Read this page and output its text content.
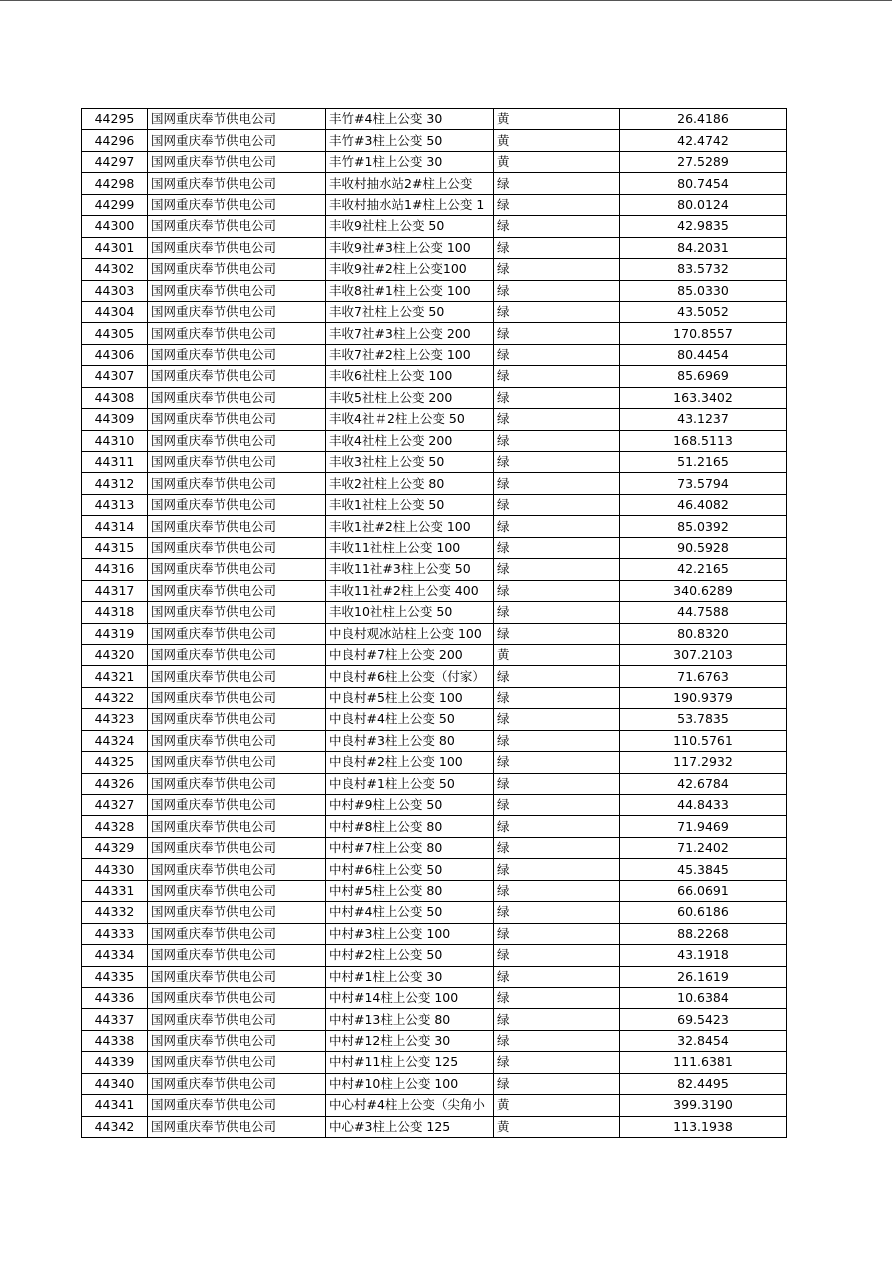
44295	国网重庆奉节供电公司	丰竹#4柱上公变 30	黄	26.4186
44296	国网重庆奉节供电公司	丰竹#3柱上公变 50	黄	42.4742
44297	国网重庆奉节供电公司	丰竹#1柱上公变 30	黄	27.5289
44298	国网重庆奉节供电公司	丰收村抽水站2#柱上公变	绿	80.7454
44299	国网重庆奉节供电公司	丰收村抽水站1#柱上公变 1	绿	80.0124
44300	国网重庆奉节供电公司	丰收9社柱上公变 50	绿	42.9835
44301	国网重庆奉节供电公司	丰收9社#3柱上公变 100	绿	84.2031
44302	国网重庆奉节供电公司	丰收9社#2柱上公变100	绿	83.5732
44303	国网重庆奉节供电公司	丰收8社#1柱上公变 100	绿	85.0330
44304	国网重庆奉节供电公司	丰收7社柱上公变 50	绿	43.5052
44305	国网重庆奉节供电公司	丰收7社#3柱上公变 200	绿	170.8557
44306	国网重庆奉节供电公司	丰收7社#2柱上公变 100	绿	80.4454
44307	国网重庆奉节供电公司	丰收6社柱上公变 100	绿	85.6969
44308	国网重庆奉节供电公司	丰收5社柱上公变 200	绿	163.3402
44309	国网重庆奉节供电公司	丰收4社＃2柱上公变 50	绿	43.1237
44310	国网重庆奉节供电公司	丰收4社柱上公变 200	绿	168.5113
44311	国网重庆奉节供电公司	丰收3社柱上公变 50	绿	51.2165
44312	国网重庆奉节供电公司	丰收2社柱上公变 80	绿	73.5794
44313	国网重庆奉节供电公司	丰收1社柱上公变 50	绿	46.4082
44314	国网重庆奉节供电公司	丰收1社#2柱上公变 100	绿	85.0392
44315	国网重庆奉节供电公司	丰收11社柱上公变 100	绿	90.5928
44316	国网重庆奉节供电公司	丰收11社#3柱上公变 50	绿	42.2165
44317	国网重庆奉节供电公司	丰收11社#2柱上公变 400	绿	340.6289
44318	国网重庆奉节供电公司	丰收10社柱上公变 50	绿	44.7588
44319	国网重庆奉节供电公司	中良村观冰站柱上公变 100	绿	80.8320
44320	国网重庆奉节供电公司	中良村#7柱上公变 200	黄	307.2103
44321	国网重庆奉节供电公司	中良村#6柱上公变（付家）	绿	71.6763
44322	国网重庆奉节供电公司	中良村#5柱上公变 100	绿	190.9379
44323	国网重庆奉节供电公司	中良村#4柱上公变 50	绿	53.7835
44324	国网重庆奉节供电公司	中良村#3柱上公变 80	绿	110.5761
44325	国网重庆奉节供电公司	中良村#2柱上公变 100	绿	117.2932
44326	国网重庆奉节供电公司	中良村#1柱上公变 50	绿	42.6784
44327	国网重庆奉节供电公司	中村#9柱上公变 50	绿	44.8433
44328	国网重庆奉节供电公司	中村#8柱上公变 80	绿	71.9469
44329	国网重庆奉节供电公司	中村#7柱上公变 80	绿	71.2402
44330	国网重庆奉节供电公司	中村#6柱上公变 50	绿	45.3845
44331	国网重庆奉节供电公司	中村#5柱上公变 80	绿	66.0691
44332	国网重庆奉节供电公司	中村#4柱上公变 50	绿	60.6186
44333	国网重庆奉节供电公司	中村#3柱上公变 100	绿	88.2268
44334	国网重庆奉节供电公司	中村#2柱上公变 50	绿	43.1918
44335	国网重庆奉节供电公司	中村#1柱上公变 30	绿	26.1619
44336	国网重庆奉节供电公司	中村#14柱上公变 100	绿	10.6384
44337	国网重庆奉节供电公司	中村#13柱上公变 80	绿	69.5423
44338	国网重庆奉节供电公司	中村#12柱上公变 30	绿	32.8454
44339	国网重庆奉节供电公司	中村#11柱上公变 125	绿	111.6381
44340	国网重庆奉节供电公司	中村#10柱上公变 100	绿	82.4495
44341	国网重庆奉节供电公司	中心村#4柱上公变（尖角小	黄	399.3190
44342	国网重庆奉节供电公司	中心#3柱上公变 125	黄	113.1938
